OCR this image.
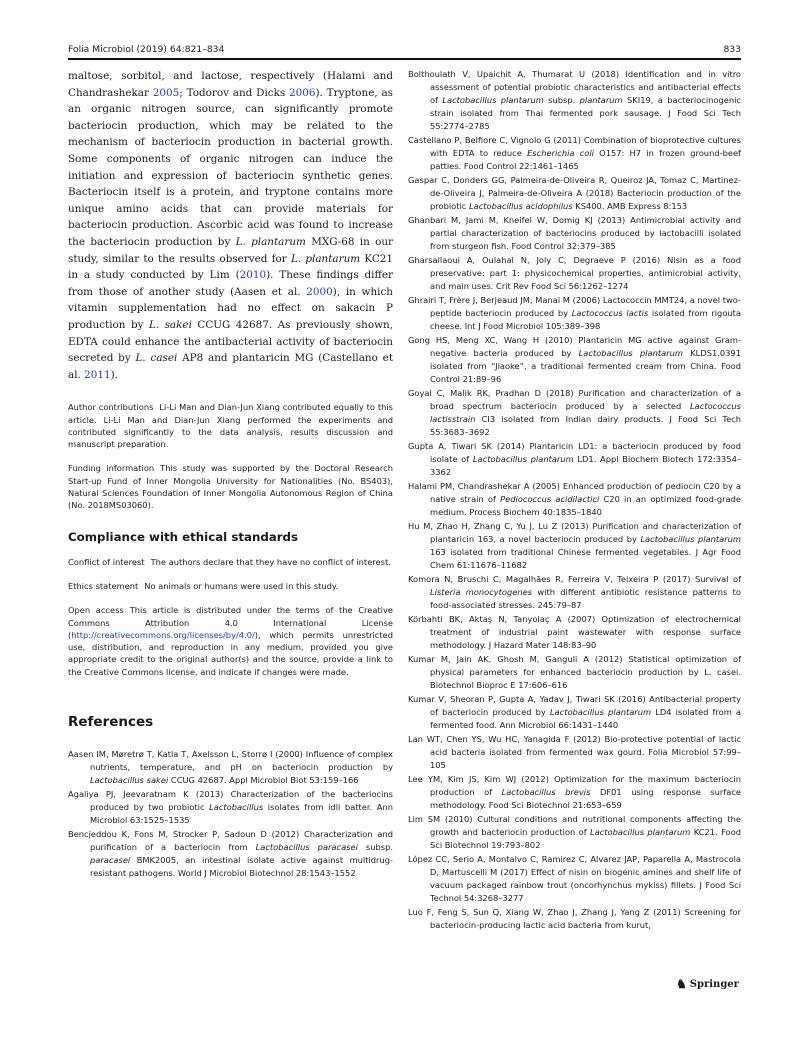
Folia Microbiol (2019) 64:821–834	833

maltose, sorbitol, and lactose, respectively (Halami and Chandrashekar 2005; Todorov and Dicks 2006). Tryptone, as an organic nitrogen source, can significantly promote bacteriocin production, which may be related to the mechanism of bacteriocin production in bacterial growth. Some components of organic nitrogen can induce the initiation and expression of bacteriocin synthetic genes. Bacteriocin itself is a protein, and tryptone contains more unique amino acids that can provide materials for bacteriocin production. Ascorbic acid was found to increase the bacteriocin production by L. plantarum MXG-68 in our study, similar to the results observed for L. plantarum KC21 in a study conducted by Lim (2010). These findings differ from those of another study (Aasen et al. 2000), in which vitamin supplementation had no effect on sakacin P production by L. sakei CCUG 42687. As previously shown, EDTA could enhance the antibacterial activity of bacteriocin secreted by L. casei AP8 and plantaricin MG (Castellano et al. 2011).

Author contributions Li-Li Man and Dian-Jun Xiang contributed equally to this article. Li-Li Man and Dian-Jun Xiang performed the experiments and contributed significantly to the data analysis, results discussion and manuscript preparation.

Funding information This study was supported by the Doctoral Research Start-up Fund of Inner Mongolia University for Nationalities (No. BS403), Natural Sciences Foundation of Inner Mongolia Autonomous Region of China (No. 2018MS03060).

Compliance with ethical standards

Conflict of interest The authors declare that they have no conflict of interest.

Ethics statement No animals or humans were used in this study.

Open access This article is distributed under the terms of the Creative Commons Attribution 4.0 International License (http://creativecommons.org/licenses/by/4.0/), which permits unrestricted use, distribution, and reproduction in any medium, provided you give appropriate credit to the original author(s) and the source, provide a link to the Creative Commons license, and indicate if changes were made.

References
Aasen IM, Møretrø T, Katla T, Axelsson L, Storrø I (2000) Influence of complex nutrients, temperature, and pH on bacteriocin production by Lactobacillus sakei CCUG 42687. Appl Microbiol Biot 53:159–166
Agaliya PJ, Jeevaratnam K (2013) Characterization of the bacteriocins produced by two probiotic Lactobacillus isolates from idli batter. Ann Microbiol 63:1525–1535
Bencjeddou K, Fons M, Strocker P, Sadoun D (2012) Characterization and purification of a bacteriocin from Lactobacillus paracasei subsp. paracasei BMK2005, an intestinal isolate active against multidrug-resistant pathogens. World J Microbiol Biotechnol 28:1543–1552
Bolthoulath V, Upaichit A, Thumarat U (2018) Identification and in vitro assessment of potential probiotic characteristics and antibacterial effects of Lactobacillus plantarum subsp. plantarum SKI19, a bacteriocinogenic strain isolated from Thai fermented pork sausage. J Food Sci Tech 55:2774–2785
Castellano P, Belfiore C, Vignolo G (2011) Combination of bioprotective cultures with EDTA to reduce Escherichia coli O157: H7 in frozen ground-beef patties. Food Control 22:1461–1465
Gaspar C, Donders GG, Palmeira-de-Oliveira R, Queiroz JA, Tomaz C, Martinez-de-Oliveira J, Palmeira-de-Oliveira A (2018) Bacteriocin production of the probiotic Lactobacillus acidophilus KS400. AMB Express 8:153
Ghanbari M, Jami M, Kneifel W, Domig KJ (2013) Antimicrobial activity and partial characterization of bacteriocins produced by lactobacilli isolated from sturgeon fish. Food Control 32:379–385
Gharsallaoui A, Oulahal N, Joly C, Degraeve P (2016) Nisin as a food preservative: part 1: physicochemical properties, antimicrobial activity, and main uses. Crit Rev Food Sci 56:1262–1274
Ghrairi T, Frère J, Berjeaud JM, Manai M (2006) Lactococcin MMT24, a novel two-peptide bacteriocin produced by Lactococcus lactis isolated from rigouta cheese. Int J Food Microbiol 105:389–398
Gong HS, Meng XC, Wang H (2010) Plantaricin MG active against Gram-negative bacteria produced by Lactobacillus plantarum KLDS1.0391 isolated from “Jiaoke”, a traditional fermented cream from China. Food Control 21:89–96
Goyal C, Malik RK, Pradhan D (2018) Purification and characterization of a broad spectrum bacteriocin produced by a selected Lactococcus lactisstrain CI3 isolated from Indian dairy products. J Food Sci Tech 55:3683–3692
Gupta A, Tiwari SK (2014) Plantaricin LD1: a bacteriocin produced by food isolate of Lactobacillus plantarum LD1. Appl Biochem Biotech 172:3354–3362
Halami PM, Chandrashekar A (2005) Enhanced production of pediocin C20 by a native strain of Pediococcus acidilactici C20 in an optimized food-grade medium. Process Biochem 40:1835–1840
Hu M, Zhao H, Zhang C, Yu J, Lu Z (2013) Purification and characterization of plantaricin 163, a novel bacteriocin produced by Lactobacillus plantarum 163 isolated from traditional Chinese fermented vegetables. J Agr Food Chem 61:11676–11682
Komora N, Bruschi C, Magalhães R, Ferreira V, Teixeira P (2017) Survival of Listeria monocytogenes with different antibiotic resistance patterns to food-associated stresses. 245:79–87
Körbahti BK, Aktaş N, Tanyolaç A (2007) Optimization of electrochemical treatment of industrial paint wastewater with response surface methodology. J Hazard Mater 148:83–90
Kumar M, Jain AK, Ghosh M, Ganguli A (2012) Statistical optimization of physical parameters for enhanced bacteriocin production by L. casei. Biotechnol Bioproc E 17:606–616
Kumar V, Sheoran P, Gupta A, Yadav J, Tiwari SK (2016) Antibacterial property of bacteriocin produced by Lactobacillus plantarum LD4 isolated from a fermented food. Ann Microbiol 66:1431–1440
Lan WT, Chen YS, Wu HC, Yanagida F (2012) Bio-protective potential of lactic acid bacteria isolated from fermented wax gourd. Folia Microbiol 57:99–105
Lee YM, Kim JS, Kim WJ (2012) Optimization for the maximum bacteriocin production of Lactobacillus brevis DF01 using response surface methodology. Food Sci Biotechnol 21:653–659
Lim SM (2010) Cultural conditions and nutritional components affecting the growth and bacteriocin production of Lactobacillus plantarum KC21. Food Sci Biotechnol 19:793–802
López CC, Serio A, Montalvo C, Ramirez C, Alvarez JAP, Paparella A, Mastrocola D, Martuscelli M (2017) Effect of nisin on biogenic amines and shelf life of vacuum packaged rainbow trout (oncorhynchus mykiss) fillets. J Food Sci Technol 54:3268–3277
Luo F, Feng S, Sun Q, Xiang W, Zhao J, Zhang J, Yang Z (2011) Screening for bacteriocin-producing lactic acid bacteria from kurut,
♞ Springer
